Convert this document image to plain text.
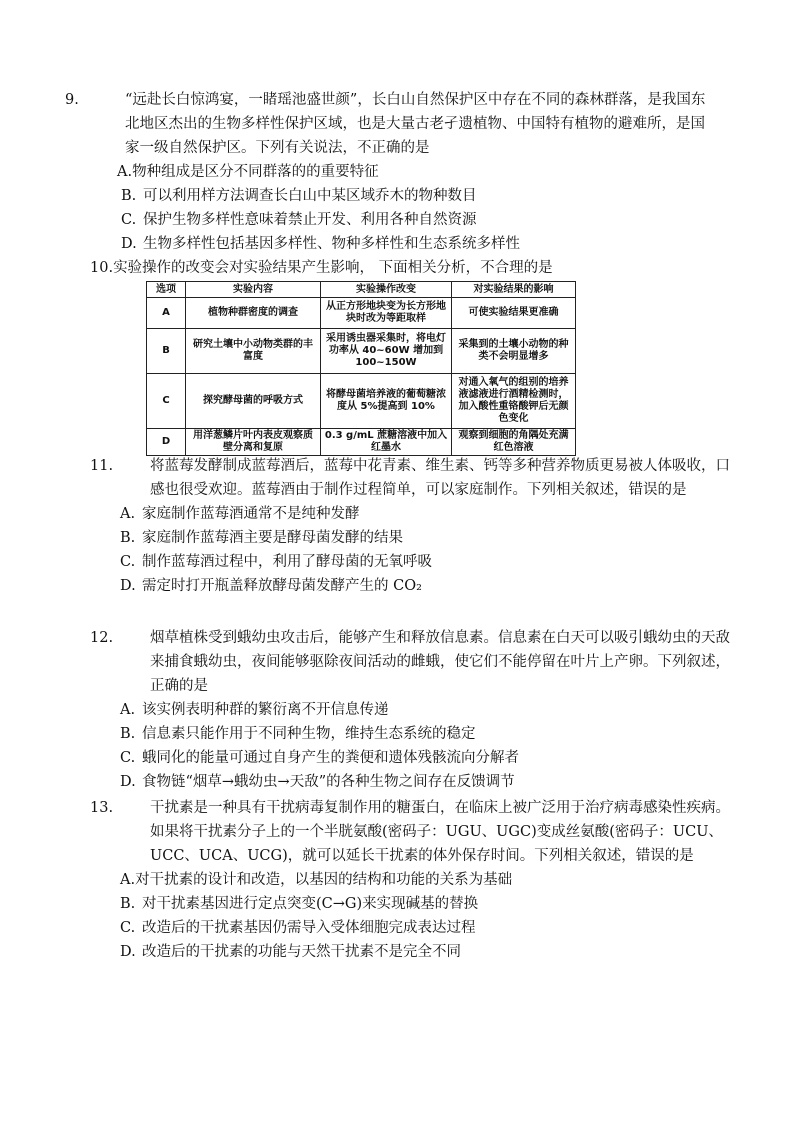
9.	“远赴长白惊鸿宴，一睹瑶池盛世颜”，长白山自然保护区中存在不同的森林群落，是我国东北地区杰出的生物多样性保护区域，也是大量古老孑遗植物、中国特有植物的避难所，是国家一级自然保护区。下列有关说法，不正确的是
A.物种组成是区分不同群落的的重要特征
B. 可以利用样方法调查长白山中某区域乔木的物种数目
C. 保护生物多样性意味着禁止开发、利用各种自然资源
D. 生物多样性包括基因多样性、物种多样性和生态系统多样性
10.实验操作的改变会对实验结果产生影响， 下面相关分析，不合理的是
选项	实验内容	实验操作改变	对实验结果的影响
A	植物种群密度的调查	从正方形地块变为长方形地块时改为等距取样	可使实验结果更准确
B	研究土壤中小动物类群的丰富度	采用诱虫器采集时，将电灯功率从 40~60W 增加到 100~150W	采集到的土壤小动物的种类不会明显增多
C	探究酵母菌的呼吸方式	将酵母菌培养液的葡萄糖浓度从 5%提高到 10%	对通入氧气的组别的培养液滤液进行酒精检测时，加入酸性重铬酸钾后无颜色变化
D	用洋葱鳞片叶内表皮观察质壁分离和复原	0.3 g/mL 蔗糖溶液中加入红墨水	观察到细胞的角隅处充满红色溶液
11.	将蓝莓发酵制成蓝莓酒后，蓝莓中花青素、维生素、钙等多种营养物质更易被人体吸收，口感也很受欢迎。蓝莓酒由于制作过程简单，可以家庭制作。下列相关叙述，错误的是
A. 家庭制作蓝莓酒通常不是纯种发酵
B. 家庭制作蓝莓酒主要是酵母菌发酵的结果
C. 制作蓝莓酒过程中，利用了酵母菌的无氧呼吸
D. 需定时打开瓶盖释放酵母菌发酵产生的 CO₂
12.	烟草植株受到蛾幼虫攻击后，能够产生和释放信息素。信息素在白天可以吸引蛾幼虫的天敌来捕食蛾幼虫，夜间能够驱除夜间活动的雌蛾，使它们不能停留在叶片上产卵。下列叙述，正确的是
A. 该实例表明种群的繁衍离不开信息传递
B. 信息素只能作用于不同种生物，维持生态系统的稳定
C. 蛾同化的能量可通过自身产生的粪便和遗体残骸流向分解者
D. 食物链“烟草→蛾幼虫→天敌”的各种生物之间存在反馈调节
13.	干扰素是一种具有干扰病毒复制作用的糖蛋白，在临床上被广泛用于治疗病毒感染性疾病。如果将干扰素分子上的一个半胱氨酸(密码子：UGU、UGC)变成丝氨酸(密码子：UCU、UCC、UCA、UCG)，就可以延长干扰素的体外保存时间。下列相关叙述，错误的是
A.对干扰素的设计和改造，以基因的结构和功能的关系为基础
B. 对干扰素基因进行定点突变(C→G)来实现碱基的替换
C. 改造后的干扰素基因仍需导入受体细胞完成表达过程
D. 改造后的干扰素的功能与天然干扰素不是完全不同
